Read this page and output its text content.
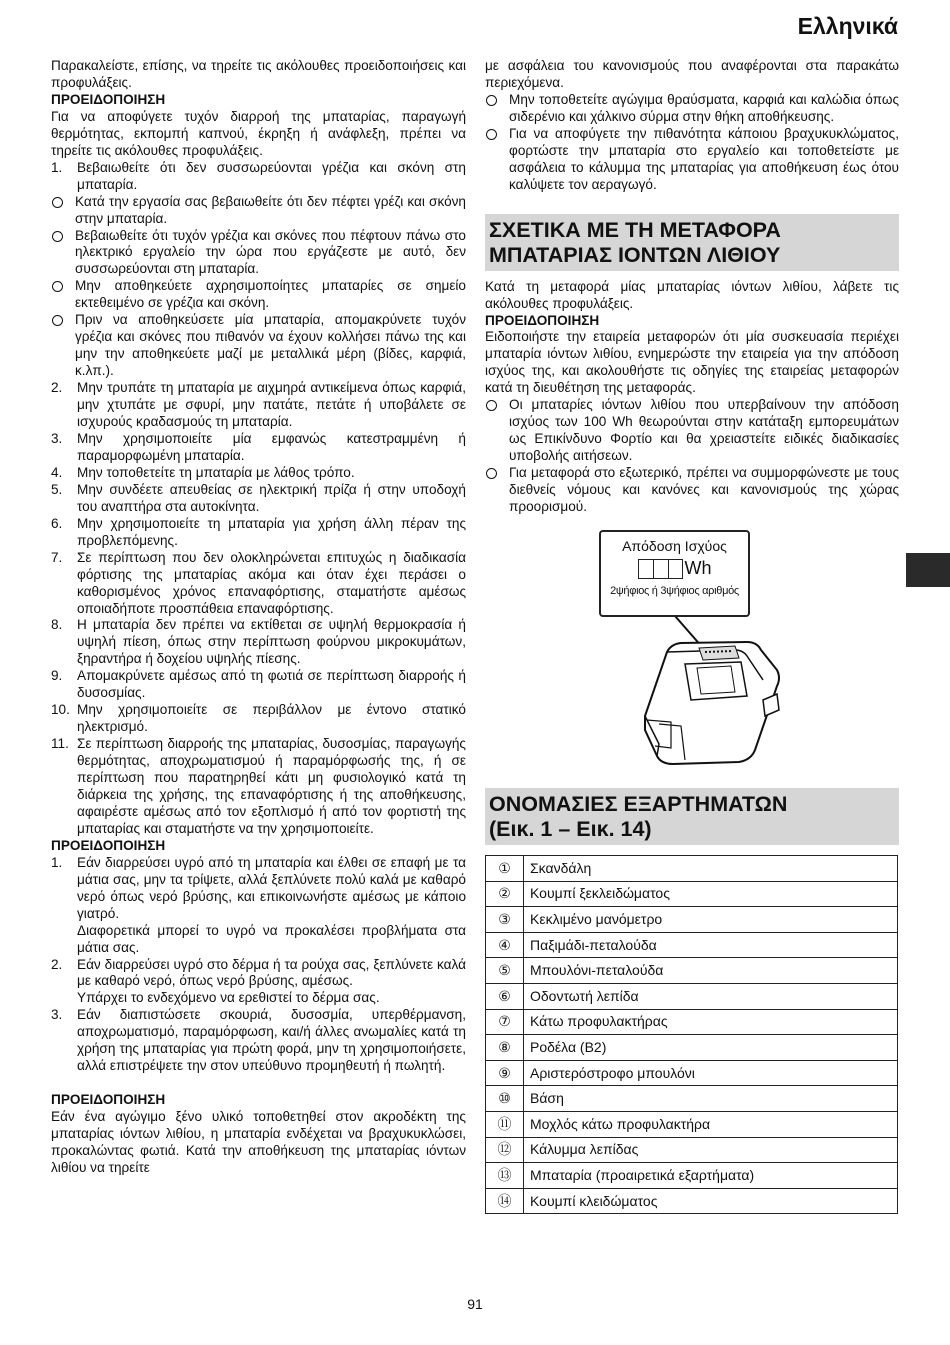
Ελληνικά

Παρακαλείστε, επίσης, να τηρείτε τις ακόλουθες προειδοποιήσεις και προφυλάξεις.

ΠΡΟΕΙΔΟΠΟΙΗΣΗ

Για να αποφύγετε τυχόν διαρροή της μπαταρίας, παραγωγή θερμότητας, εκπομπή καπνού, έκρηξη ή ανάφλεξη, πρέπει να τηρείτε τις ακόλουθες προφυλάξεις.

1.	Βεβαιωθείτε ότι δεν συσσωρεύονται γρέζια και σκόνη στη μπαταρία.
Κατά την εργασία σας βεβαιωθείτε ότι δεν πέφτει γρέζι και σκόνη στην μπαταρία.
Βεβαιωθείτε ότι τυχόν γρέζια και σκόνες που πέφτουν πάνω στο ηλεκτρικό εργαλείο την ώρα που εργάζεστε με αυτό, δεν συσσωρεύονται στη μπαταρία.
Μην αποθηκεύετε αχρησιμοποίητες μπαταρίες σε σημείο εκτεθειμένο σε γρέζια και σκόνη.
Πριν να αποθηκεύσετε μία μπαταρία, απομακρύνετε τυχόν γρέζια και σκόνες που πιθανόν να έχουν κολλήσει πάνω της και μην την αποθηκεύετε μαζί με μεταλλικά μέρη (βίδες, καρφιά, κ.λπ.).
2.	Μην τρυπάτε τη μπαταρία με αιχμηρά αντικείμενα όπως καρφιά, μην χτυπάτε με σφυρί, μην πατάτε, πετάτε ή υποβάλετε σε ισχυρούς κραδασμούς τη μπαταρία.
3.	Μην χρησιμοποιείτε μία εμφανώς κατεστραμμένη ή παραμορφωμένη μπαταρία.
4.	Μην τοποθετείτε τη μπαταρία με λάθος τρόπο.
5.	Μην συνδέετε απευθείας σε ηλεκτρική πρίζα ή στην υποδοχή του αναπτήρα στα αυτοκίνητα.
6.	Μην χρησιμοποιείτε τη μπαταρία για χρήση άλλη πέραν της προβλεπόμενης.
7.	Σε περίπτωση που δεν ολοκληρώνεται επιτυχώς η διαδικασία φόρτισης της μπαταρίας ακόμα και όταν έχει περάσει ο καθορισμένος χρόνος επαναφόρτισης, σταματήστε αμέσως οποιαδήποτε προσπάθεια επαναφόρτισης.
8.	Η μπαταρία δεν πρέπει να εκτίθεται σε υψηλή θερμοκρασία ή υψηλή πίεση, όπως στην περίπτωση φούρνου μικροκυμάτων, ξηραντήρα ή δοχείου υψηλής πίεσης.
9.	Απομακρύνετε αμέσως από τη φωτιά σε περίπτωση διαρροής ή δυσοσμίας.
10. Μην χρησιμοποιείτε σε περιβάλλον με έντονο στατικό ηλεκτρισμό.
11. Σε περίπτωση διαρροής της μπαταρίας, δυσοσμίας, παραγωγής θερμότητας, αποχρωματισμού ή παραμόρφωσής της, ή σε περίπτωση που παρατηρηθεί κάτι μη φυσιολογικό κατά τη διάρκεια της χρήσης, της επαναφόρτισης ή της αποθήκευσης, αφαιρέστε αμέσως από τον εξοπλισμό ή από τον φορτιστή της μπαταρίας και σταματήστε να την χρησιμοποιείτε.

ΠΡΟΕΙΔΟΠΟΙΗΣΗ

1.	Εάν διαρρεύσει υγρό από τη μπαταρία και έλθει σε επαφή με τα μάτια σας, μην τα τρίψετε, αλλά ξεπλύνετε πολύ καλά με καθαρό νερό όπως νερό βρύσης, και επικοινωνήστε αμέσως με κάποιο γιατρό.

Διαφορετικά μπορεί το υγρό να προκαλέσει προβλήματα στα μάτια σας.

2.	Εάν διαρρεύσει υγρό στο δέρμα ή τα ρούχα σας, ξεπλύνετε καλά με καθαρό νερό, όπως νερό βρύσης, αμέσως.

Υπάρχει το ενδεχόμενο να ερεθιστεί το δέρμα σας.

3.	Εάν διαπιστώσετε σκουριά, δυσοσμία, υπερθέρμανση, αποχρωματισμό, παραμόρφωση, και/ή άλλες ανωμαλίες κατά τη χρήση της μπαταρίας για πρώτη φορά, μην τη χρησιμοποιήσετε, αλλά επιστρέψετε την στον υπεύθυνο προμηθευτή ή πωλητή.

ΠΡΟΕΙΔΟΠΟΙΗΣΗ

Εάν ένα αγώγιμο ξένο υλικό τοποθετηθεί στον ακροδέκτη της μπαταρίας ιόντων λιθίου, η μπαταρία ενδέχεται να βραχυκυκλώσει, προκαλώντας φωτιά. Κατά την αποθήκευση της μπαταρίας ιόντων λιθίου να τηρείτε

με ασφάλεια του κανονισμούς που αναφέρονται στα παρακάτω περιεχόμενα.

Μην τοποθετείτε αγώγιμα θραύσματα, καρφιά και καλώδια όπως σιδερένιο και χάλκινο σύρμα στην θήκη αποθήκευσης.
Για να αποφύγετε την πιθανότητα κάποιου βραχυκυκλώματος, φορτώστε την μπαταρία στο εργαλείο και τοποθετείστε με ασφάλεια το κάλυμμα της μπαταρίας για αποθήκευση έως ότου καλύψετε τον αεραγωγό.
ΣΧΕΤΙΚΑ ΜΕ ΤΗ ΜΕΤΑΦΟΡΑ ΜΠΑΤΑΡΙΑΣ ΙΟΝΤΩΝ ΛΙΘΙΟΥ

Κατά τη μεταφορά μίας μπαταρίας ιόντων λιθίου, λάβετε τις ακόλουθες προφυλάξεις.

ΠΡΟΕΙΔΟΠΟΙΗΣΗ

Ειδοποιήστε την εταιρεία μεταφορών ότι μία συσκευασία περιέχει μπαταρία ιόντων λιθίου, ενημερώστε την εταιρεία για την απόδοση ισχύος της, και ακολουθήστε τις οδηγίες της εταιρείας μεταφορών κατά τη διευθέτηση της μεταφοράς.

Οι μπαταρίες ιόντων λιθίου που υπερβαίνουν την απόδοση ισχύος των 100 Wh θεωρούνται στην κατάταξη εμπορευμάτων ως Επικίνδυνο Φορτίο και θα χρειαστείτε ειδικές διαδικασίες υποβολής αιτήσεων.
Για μεταφορά στο εξωτερικό, πρέπει να συμμορφώνεστε με τους διεθνείς νόμους και κανόνες και κανονισμούς της χώρας προορισμού.
Απόδοση Ισχύος
Wh
2ψήφιος ή 3ψήφιος αριθμός
ΟΝΟΜΑΣΙΕΣ ΕΞΑΡΤΗΜΑΤΩΝ
(Εικ. 1 – Εικ. 14)
①	Σκανδάλη
②	Κουμπί ξεκλειδώματος
③	Κεκλιμένο μανόμετρο
④	Παξιμάδι-πεταλούδα
⑤	Μπουλόνι-πεταλούδα
⑥	Οδοντωτή λεπίδα
⑦	Κάτω προφυλακτήρας
⑧	Ροδέλα (B2)
⑨	Αριστερόστροφο μπουλόνι
⑩	Βάση
⑪	Μοχλός κάτω προφυλακτήρα
⑫	Κάλυμμα λεπίδας
⑬	Μπαταρία (προαιρετικά εξαρτήματα)
⑭	Κουμπί κλειδώματος
91
